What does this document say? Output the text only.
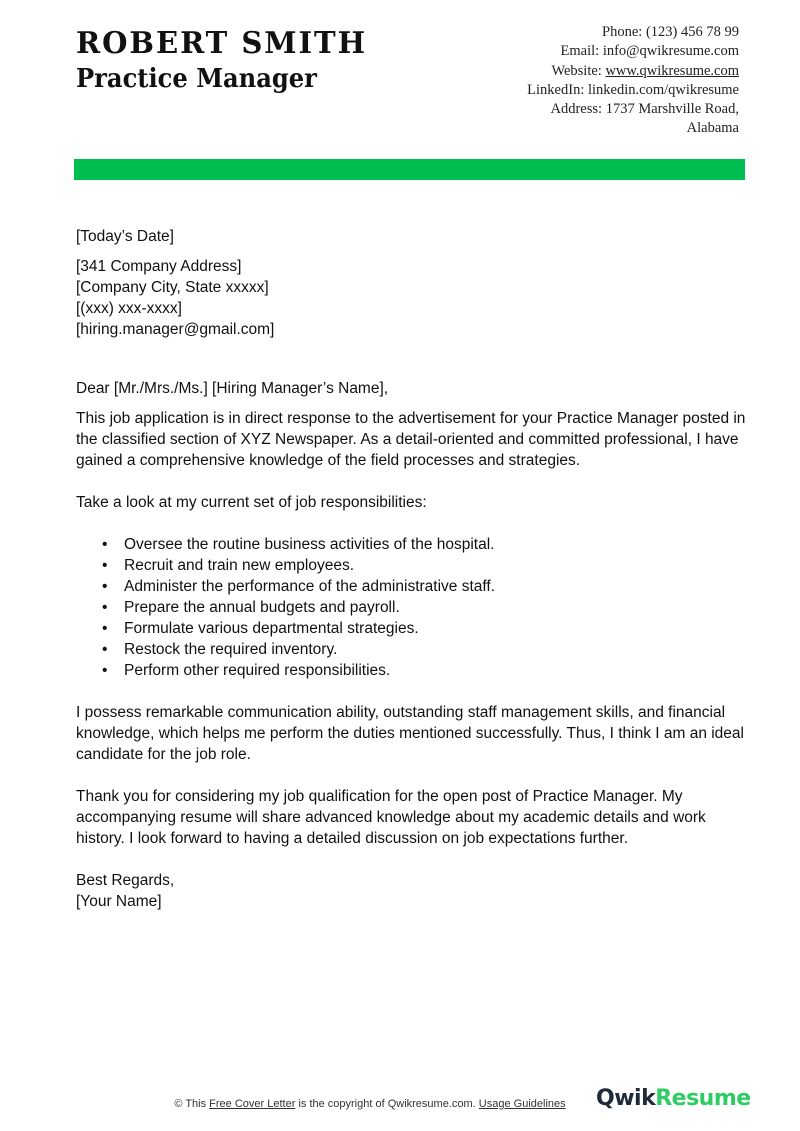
ROBERT SMITH
Practice Manager
Phone: (123) 456 78 99
Email: info@qwikresume.com
Website: www.qwikresume.com
LinkedIn: linkedin.com/qwikresume
Address: 1737 Marshville Road,
Alabama

[Today’s Date]

[341 Company Address]

[Company City, State xxxxx]

[(xxx) xxx-xxxx]

[hiring.manager@gmail.com]

Dear [Mr./Mrs./Ms.] [Hiring Manager’s Name],

This job application is in direct response to the advertisement for your Practice Manager posted in the classified section of XYZ Newspaper. As a detail-oriented and committed professional, I have gained a comprehensive knowledge of the field processes and strategies.

Take a look at my current set of job responsibilities:

• Oversee the routine business activities of the hospital.
• Recruit and train new employees.
• Administer the performance of the administrative staff.
• Prepare the annual budgets and payroll.
• Formulate various departmental strategies.
• Restock the required inventory.
• Perform other required responsibilities.

I possess remarkable communication ability, outstanding staff management skills, and financial knowledge, which helps me perform the duties mentioned successfully. Thus, I think I am an ideal candidate for the job role.

Thank you for considering my job qualification for the open post of Practice Manager. My accompanying resume will share advanced knowledge about my academic details and work history. I look forward to having a detailed discussion on job expectations further.

Best Regards,

[Your Name]

© This Free Cover Letter is the copyright of Qwikresume.com. Usage Guidelines	QwikResume
